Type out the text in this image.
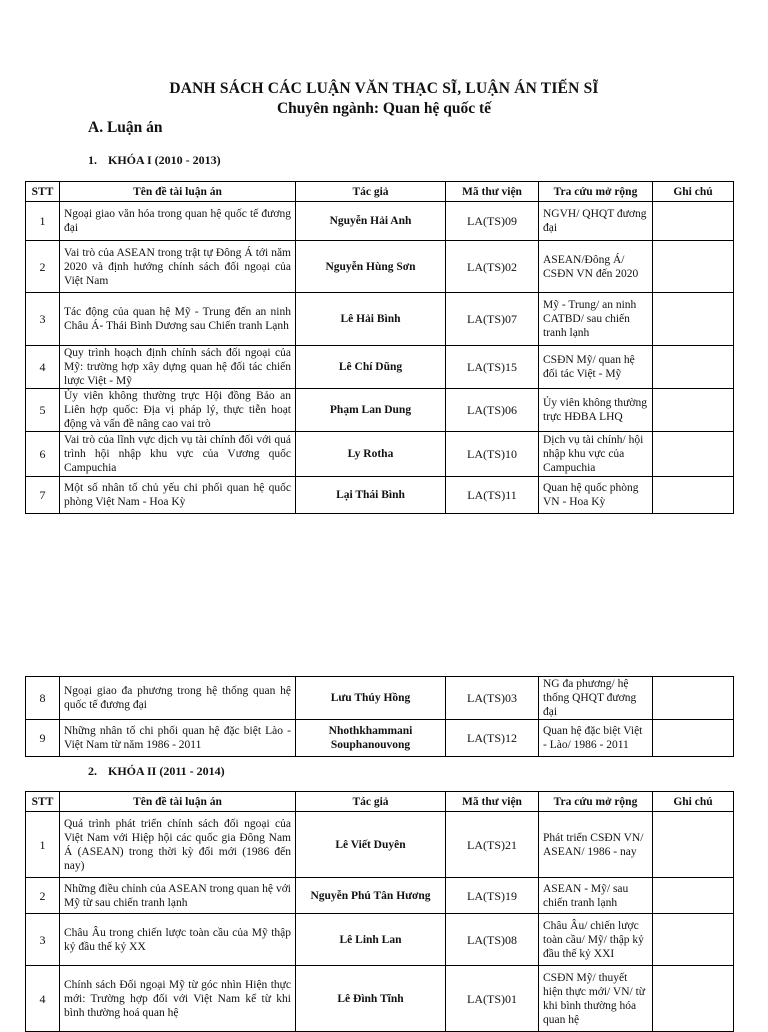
DANH SÁCH CÁC LUẬN VĂN THẠC SĨ, LUẬN ÁN TIẾN SĨ
Chuyên ngành: Quan hệ quốc tế
A. Luận án
1. KHÓA I (2010 - 2013)
STT	Tên đề tài luận án	Tác giả	Mã thư viện	Tra cứu mở rộng	Ghi chú
1	Ngoại giao văn hóa trong quan hệ quốc tế đương đại	Nguyễn Hải Anh	LA(TS)09	NGVH/ QHQT đương đại	
2	Vai trò của ASEAN trong trật tự Đông Á tới năm 2020 và định hướng chính sách đối ngoại của Việt Nam	Nguyễn Hùng Sơn	LA(TS)02	ASEAN/Đông Á/ CSĐN VN đến 2020	
3	Tác động của quan hệ Mỹ - Trung đến an ninh Châu Á- Thái Bình Dương sau Chiến tranh Lạnh	Lê Hải Bình	LA(TS)07	Mỹ - Trung/ an ninh CATBD/ sau chiến tranh lạnh	
4	Quy trình hoạch định chính sách đối ngoại của Mỹ: trường hợp xây dựng quan hệ đối tác chiến lược Việt - Mỹ	Lê Chí Dũng	LA(TS)15	CSĐN Mỹ/ quan hệ đối tác Việt - Mỹ	
5	Ủy viên không thường trực Hội đồng Bảo an Liên hợp quốc: Địa vị pháp lý, thực tiễn hoạt động và vấn đề nâng cao vai trò	Phạm Lan Dung	LA(TS)06	Ủy viên không thường trực HĐBA LHQ	
6	Vai trò của lĩnh vực dịch vụ tài chính đối với quá trình hội nhập khu vực của Vương quốc Campuchia	Ly Rotha	LA(TS)10	Dịch vụ tài chính/ hội nhập khu vực của Campuchia	
7	Một số nhân tố chủ yếu chi phối quan hệ quốc phòng Việt Nam - Hoa Kỳ	Lại Thái Bình	LA(TS)11	Quan hệ quốc phòng VN - Hoa Kỳ	
8	Ngoại giao đa phương trong hệ thống quan hệ quốc tế đương đại	Lưu Thúy Hồng	LA(TS)03	NG đa phương/ hệ thống QHQT đương đại	
9	Những nhân tố chi phối quan hệ đặc biệt Lào - Việt Nam từ năm 1986 - 2011	Nhothkhammani Souphanouvong	LA(TS)12	Quan hệ đặc biệt Việt - Lào/ 1986 - 2011	
2. KHÓA II (2011 - 2014)
STT	Tên đề tài luận án	Tác giả	Mã thư viện	Tra cứu mở rộng	Ghi chú
1	Quá trình phát triển chính sách đối ngoại của Việt Nam với Hiệp hội các quốc gia Đông Nam Á (ASEAN) trong thời kỳ đổi mới (1986 đến nay)	Lê Viết Duyên	LA(TS)21	Phát triển CSĐN VN/ ASEAN/ 1986 - nay	
2	Những điều chỉnh của ASEAN trong quan hệ với Mỹ từ sau chiến tranh lạnh	Nguyễn Phú Tân Hương	LA(TS)19	ASEAN - Mỹ/ sau chiến tranh lạnh	
3	Châu Âu trong chiến lược toàn cầu của Mỹ thập kỷ đầu thế kỷ XX	Lê Linh Lan	LA(TS)08	Châu Âu/ chiến lược toàn cầu/ Mỹ/ thập kỷ đầu thế kỷ XXI	
4	Chính sách Đối ngoại Mỹ từ góc nhìn Hiện thực mới: Trường hợp đối với Việt Nam kể từ khi bình thường hoá quan hệ	Lê Đình Tĩnh	LA(TS)01	CSĐN Mỹ/ thuyết hiện thực mới/ VN/ từ khi bình thường hóa quan hệ	
